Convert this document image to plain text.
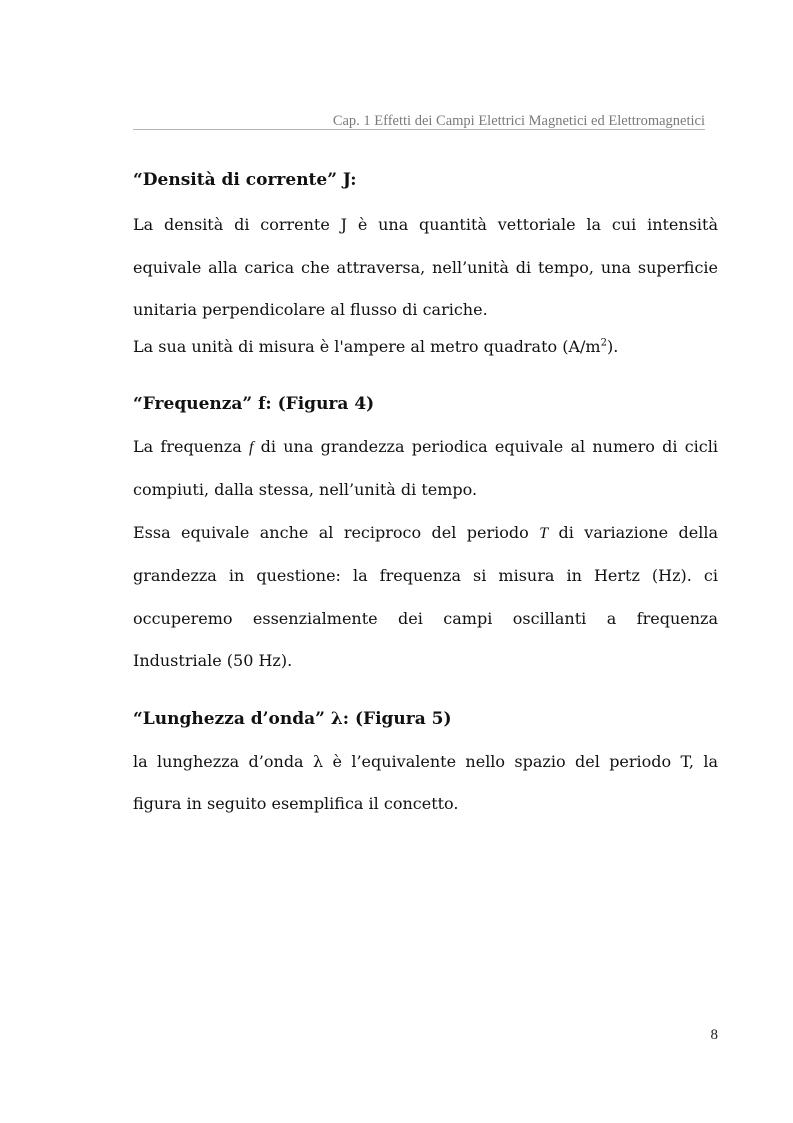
Cap. 1 Effetti dei Campi Elettrici Magnetici ed Elettromagnetici
“Densità di corrente” J:

La densità di corrente J è una quantità vettoriale la cui intensità equivale alla carica che attraversa, nell’unità di tempo, una superficie unitaria perpendicolare al flusso di cariche.

La sua unità di misura è l'ampere al metro quadrato $(A/m^2)$.

“Frequenza” f: (Figura 4)

La frequenza f di una grandezza periodica equivale al numero di cicli compiuti, dalla stessa, nell’unità di tempo.

Essa equivale anche al reciproco del periodo T di variazione della grandezza in questione: la frequenza si misura in Hertz (Hz). ci occuperemo essenzialmente dei campi oscillanti a frequenza Industriale (50 Hz).

“Lunghezza d’onda” λ: (Figura 5)

la lunghezza d’onda λ è l’equivalente nello spazio del periodo T, la figura in seguito esemplifica il concetto.

8
